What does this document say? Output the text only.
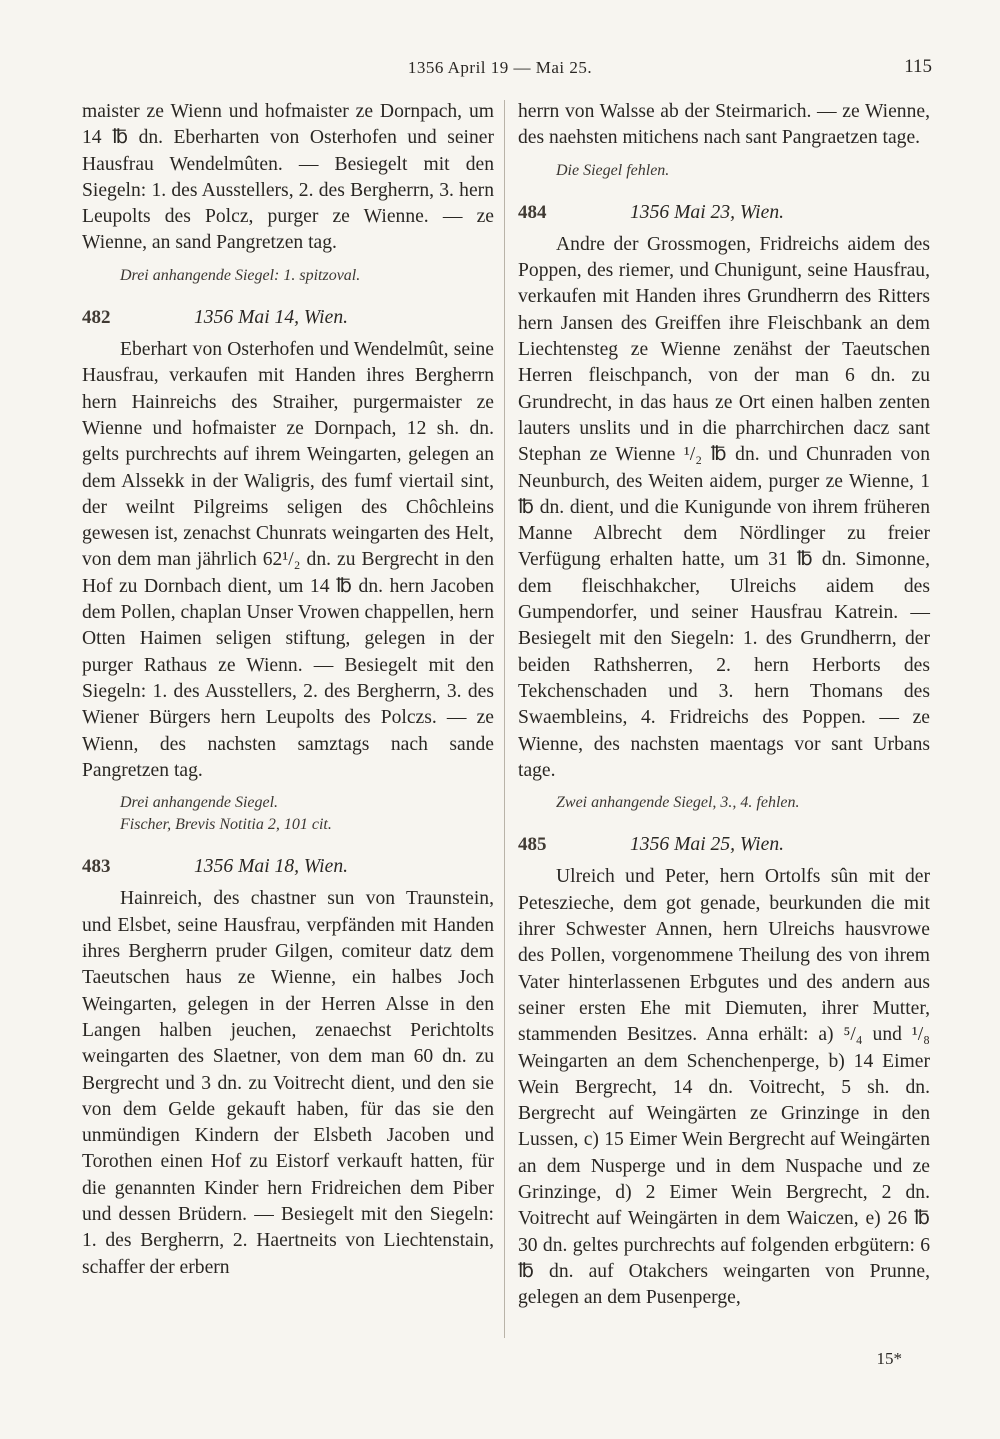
1356 April 19 — Mai 25.	115

maister ze Wienn und hofmaister ze Dornpach, um 14 ℔ dn. Eberharten von Osterhofen und seiner Hausfrau Wendelmûten. — Besiegelt mit den Siegeln: 1. des Ausstellers, 2. des Bergherrn, 3. hern Leupolts des Polcz, purger ze Wienne. — ze Wienne, an sand Pangretzen tag.

Drei anhangende Siegel: 1. spitzoval.

482	1356 Mai 14, Wien.

Eberhart von Osterhofen und Wendelmût, seine Hausfrau, verkaufen mit Handen ihres Bergherrn hern Hainreichs des Straiher, purgermaister ze Wienne und hofmaister ze Dornpach, 12 sh. dn. gelts purchrechts auf ihrem Weingarten, gelegen an dem Alssekk in der Waligris, des fumf viertail sint, der weilnt Pilgreims seligen des Chôchleins gewesen ist, zenachst Chunrats weingarten des Helt, von dem man jährlich 62¹/₂ dn. zu Bergrecht in den Hof zu Dornbach dient, um 14 ℔ dn. hern Jacoben dem Pollen, chaplan Unser Vrowen chappellen, hern Otten Haimen seligen stiftung, gelegen in der purger Rathaus ze Wienn. — Besiegelt mit den Siegeln: 1. des Ausstellers, 2. des Bergherrn, 3. des Wiener Bürgers hern Leupolts des Polczs. — ze Wienn, des nachsten samztags nach sande Pangretzen tag.

Drei anhangende Siegel.

Fischer, Brevis Notitia 2, 101 cit.

483	1356 Mai 18, Wien.

Hainreich, des chastner sun von Traunstein, und Elsbet, seine Hausfrau, verpfänden mit Handen ihres Bergherrn pruder Gilgen, comiteur datz dem Taeutschen haus ze Wienne, ein halbes Joch Weingarten, gelegen in der Herren Alsse in den Langen halben jeuchen, zenaechst Perichtolts weingarten des Slaetner, von dem man 60 dn. zu Bergrecht und 3 dn. zu Voitrecht dient, und den sie von dem Gelde gekauft haben, für das sie den unmündigen Kindern der Elsbeth Jacoben und Torothen einen Hof zu Eistorf verkauft hatten, für die genannten Kinder hern Fridreichen dem Piber und dessen Brüdern. — Besiegelt mit den Siegeln: 1. des Bergherrn, 2. Haertneits von Liechtenstain, schaffer der erbern

herrn von Walsse ab der Steirmarich. — ze Wienne, des naehsten mitichens nach sant Pangraetzen tage.

Die Siegel fehlen.

484	1356 Mai 23, Wien.

Andre der Grossmogen, Fridreichs aidem des Poppen, des riemer, und Chunigunt, seine Hausfrau, verkaufen mit Handen ihres Grundherrn des Ritters hern Jansen des Greiffen ihre Fleischbank an dem Liechtensteg ze Wienne zenähst der Taeutschen Herren fleischpanch, von der man 6 dn. zu Grundrecht, in das haus ze Ort einen halben zenten lauters unslits und in die pharrchirchen dacz sant Stephan ze Wienne ¹/₂ ℔ dn. und Chunraden von Neunburch, des Weiten aidem, purger ze Wienne, 1 ℔ dn. dient, und die Kunigunde von ihrem früheren Manne Albrecht dem Nördlinger zu freier Verfügung erhalten hatte, um 31 ℔ dn. Simonne, dem fleischhakcher, Ulreichs aidem des Gumpendorfer, und seiner Hausfrau Katrein. — Besiegelt mit den Siegeln: 1. des Grundherrn, der beiden Rathsherren, 2. hern Herborts des Tekchenschaden und 3. hern Thomans des Swaembleins, 4. Fridreichs des Poppen. — ze Wienne, des nachsten maentags vor sant Urbans tage.

Zwei anhangende Siegel, 3., 4. fehlen.

485	1356 Mai 25, Wien.

Ulreich und Peter, hern Ortolfs sûn mit der Peteszieche, dem got genade, beurkunden die mit ihrer Schwester Annen, hern Ulreichs hausvrowe des Pollen, vorgenommene Theilung des von ihrem Vater hinterlassenen Erbgutes und des andern aus seiner ersten Ehe mit Diemuten, ihrer Mutter, stammenden Besitzes. Anna erhält: a) ⁵/₄ und ¹/₈ Weingarten an dem Schenchenperge, b) 14 Eimer Wein Bergrecht, 14 dn. Voitrecht, 5 sh. dn. Bergrecht auf Weingärten ze Grinzinge in den Lussen, c) 15 Eimer Wein Bergrecht auf Weingärten an dem Nusperge und in dem Nuspache und ze Grinzinge, d) 2 Eimer Wein Bergrecht, 2 dn. Voitrecht auf Weingärten in dem Waiczen, e) 26 ℔ 30 dn. geltes purchrechts auf folgenden erbgütern: 6 ℔ dn. auf Otakchers weingarten von Prunne, gelegen an dem Pusenperge,

15*
